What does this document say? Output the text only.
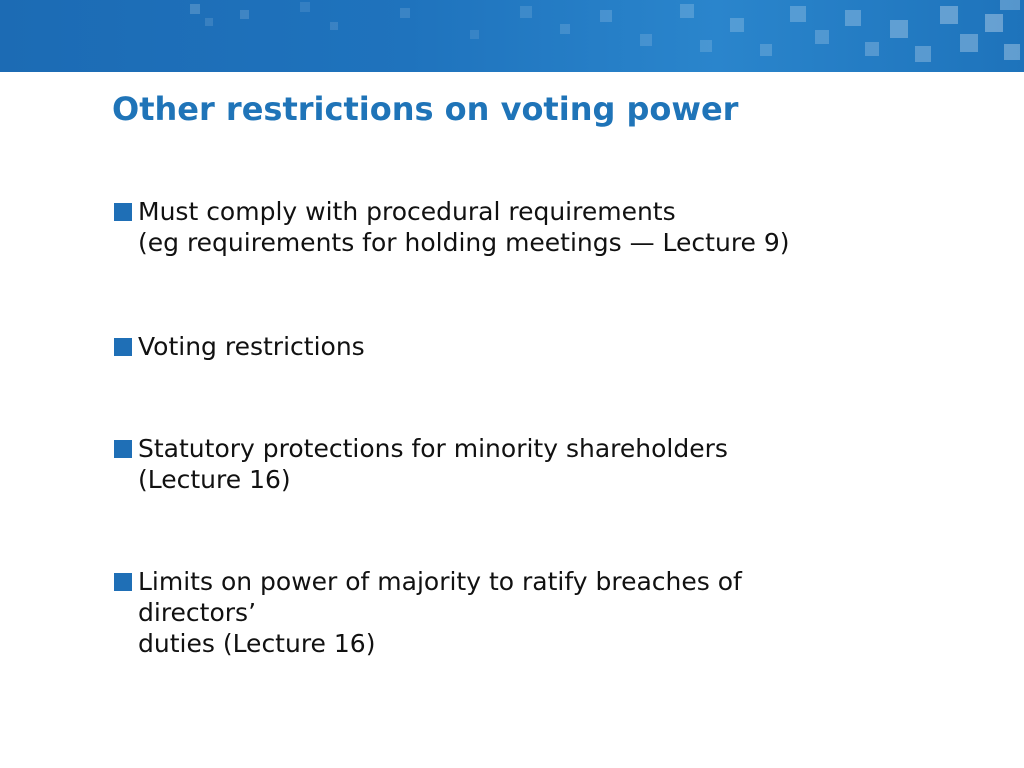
Other restrictions on voting power
Must comply with procedural requirements
(eg requirements for holding meetings — Lecture 9)
Voting restrictions
Statutory protections for minority shareholders
(Lecture 16)
Limits on power of majority to ratify breaches of
directors’
duties (Lecture 16)
